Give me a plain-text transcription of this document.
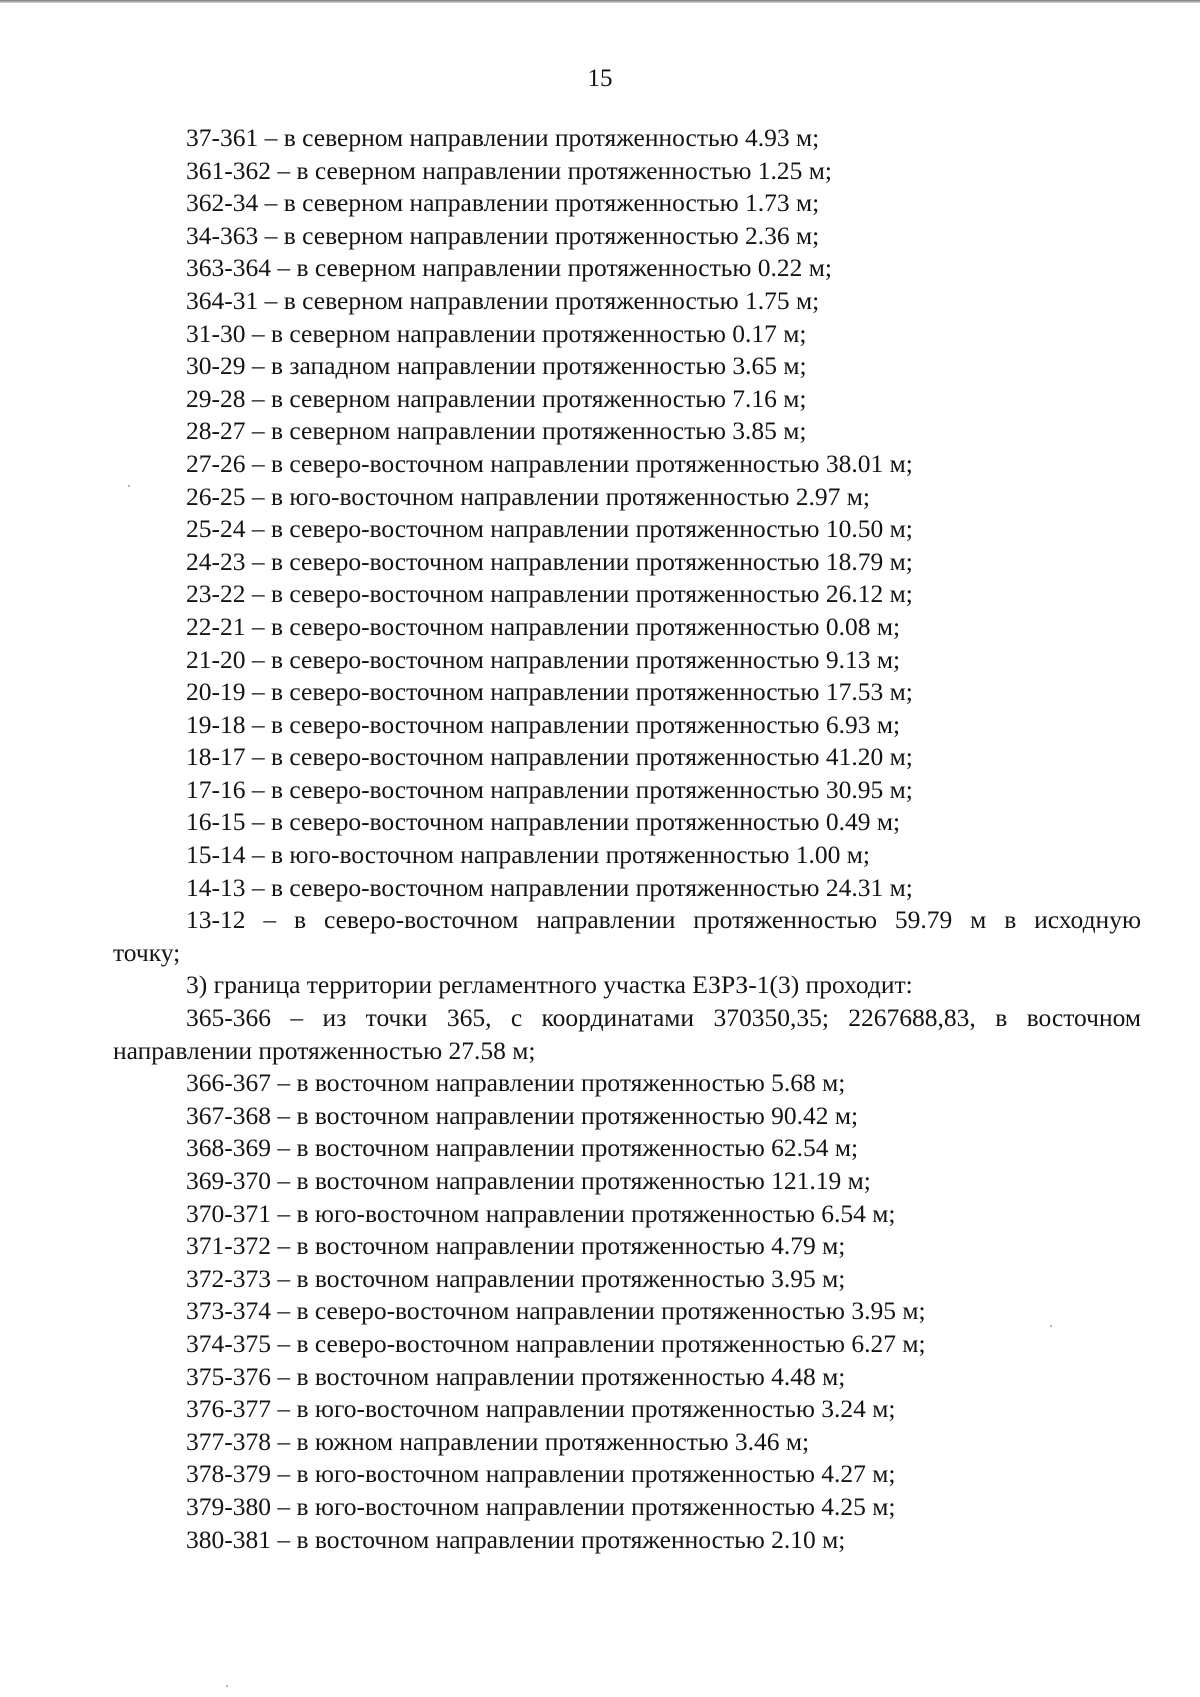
15
37-361 – в северном направлении протяженностью 4.93 м;
361-362 – в северном направлении протяженностью 1.25 м;
362-34 – в северном направлении протяженностью 1.73 м;
34-363 – в северном направлении протяженностью 2.36 м;
363-364 – в северном направлении протяженностью 0.22 м;
364-31 – в северном направлении протяженностью 1.75 м;
31-30 – в северном направлении протяженностью 0.17 м;
30-29 – в западном направлении протяженностью 3.65 м;
29-28 – в северном направлении протяженностью 7.16 м;
28-27 – в северном направлении протяженностью 3.85 м;
27-26 – в северо-восточном направлении протяженностью 38.01 м;
26-25 – в юго-восточном направлении протяженностью 2.97 м;
25-24 – в северо-восточном направлении протяженностью 10.50 м;
24-23 – в северо-восточном направлении протяженностью 18.79 м;
23-22 – в северо-восточном направлении протяженностью 26.12 м;
22-21 – в северо-восточном направлении протяженностью 0.08 м;
21-20 – в северо-восточном направлении протяженностью 9.13 м;
20-19 – в северо-восточном направлении протяженностью 17.53 м;
19-18 – в северо-восточном направлении протяженностью 6.93 м;
18-17 – в северо-восточном направлении протяженностью 41.20 м;
17-16 – в северо-восточном направлении протяженностью 30.95 м;
16-15 – в северо-восточном направлении протяженностью 0.49 м;
15-14 – в юго-восточном направлении протяженностью 1.00 м;
14-13 – в северо-восточном направлении протяженностью 24.31 м;
13-12 – в северо-восточном направлении протяженностью 59.79 м в исходную
точку;
3) граница территории регламентного участка ЕЗРЗ-1(3) проходит:
365-366 – из точки 365, с координатами 370350,35; 2267688,83, в восточном
направлении протяженностью 27.58 м;
366-367 – в восточном направлении протяженностью 5.68 м;
367-368 – в восточном направлении протяженностью 90.42 м;
368-369 – в восточном направлении протяженностью 62.54 м;
369-370 – в восточном направлении протяженностью 121.19 м;
370-371 – в юго-восточном направлении протяженностью 6.54 м;
371-372 – в восточном направлении протяженностью 4.79 м;
372-373 – в восточном направлении протяженностью 3.95 м;
373-374 – в северо-восточном направлении протяженностью 3.95 м;
374-375 – в северо-восточном направлении протяженностью 6.27 м;
375-376 – в восточном направлении протяженностью 4.48 м;
376-377 – в юго-восточном направлении протяженностью 3.24 м;
377-378 – в южном направлении протяженностью 3.46 м;
378-379 – в юго-восточном направлении протяженностью 4.27 м;
379-380 – в юго-восточном направлении протяженностью 4.25 м;
380-381 – в восточном направлении протяженностью 2.10 м;
